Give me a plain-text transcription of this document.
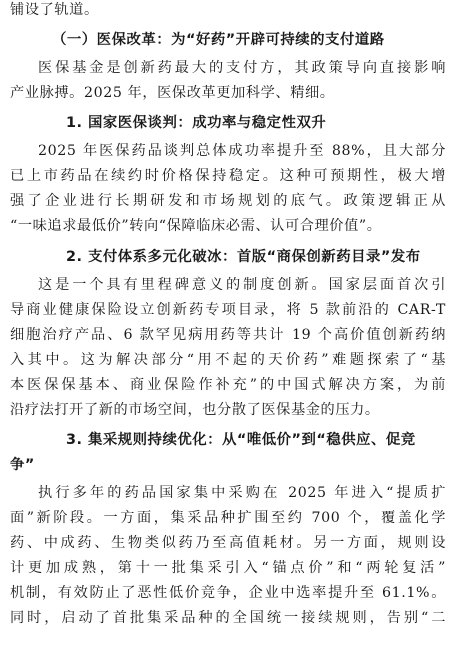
铺设了轨道。
（一）医保改革：为“好药”开辟可持续的支付道路
医保基金是创新药最大的支付方，其政策导向直接影响
产业脉搏。2025 年，医保改革更加科学、精细。
1. 国家医保谈判：成功率与稳定性双升
2025 年医保药品谈判总体成功率提升至 88%，且大部分
已上市药品在续约时价格保持稳定。这种可预期性，极大增
强了企业进行长期研发和市场规划的底气。政策逻辑正从
“一味追求最低价”转向“保障临床必需、认可合理价值”。
2. 支付体系多元化破冰：首版“商保创新药目录”发布
这是一个具有里程碑意义的制度创新。国家层面首次引
导商业健康保险设立创新药专项目录，将 5 款前沿的 CAR-T
细胞治疗产品、6 款罕见病用药等共计 19 个高价值创新药纳
入其中。这为解决部分“用不起的天价药”难题探索了“基
本医保保基本、商业保险作补充”的中国式解决方案，为前
沿疗法打开了新的市场空间，也分散了医保基金的压力。
3. 集采规则持续优化：从“唯低价”到“稳供应、促竞
争”
执行多年的药品国家集中采购在 2025 年进入“提质扩
面”新阶段。一方面，集采品种扩围至约 700 个，覆盖化学
药、中成药、生物类似药乃至高值耗材。另一方面，规则设
计更加成熟，第十一批集采引入“锚点价”和“两轮复活”
机制，有效防止了恶性低价竞争，企业中选率提升至 61.1%。
同时，启动了首批集采品种的全国统一接续规则，告别“二
